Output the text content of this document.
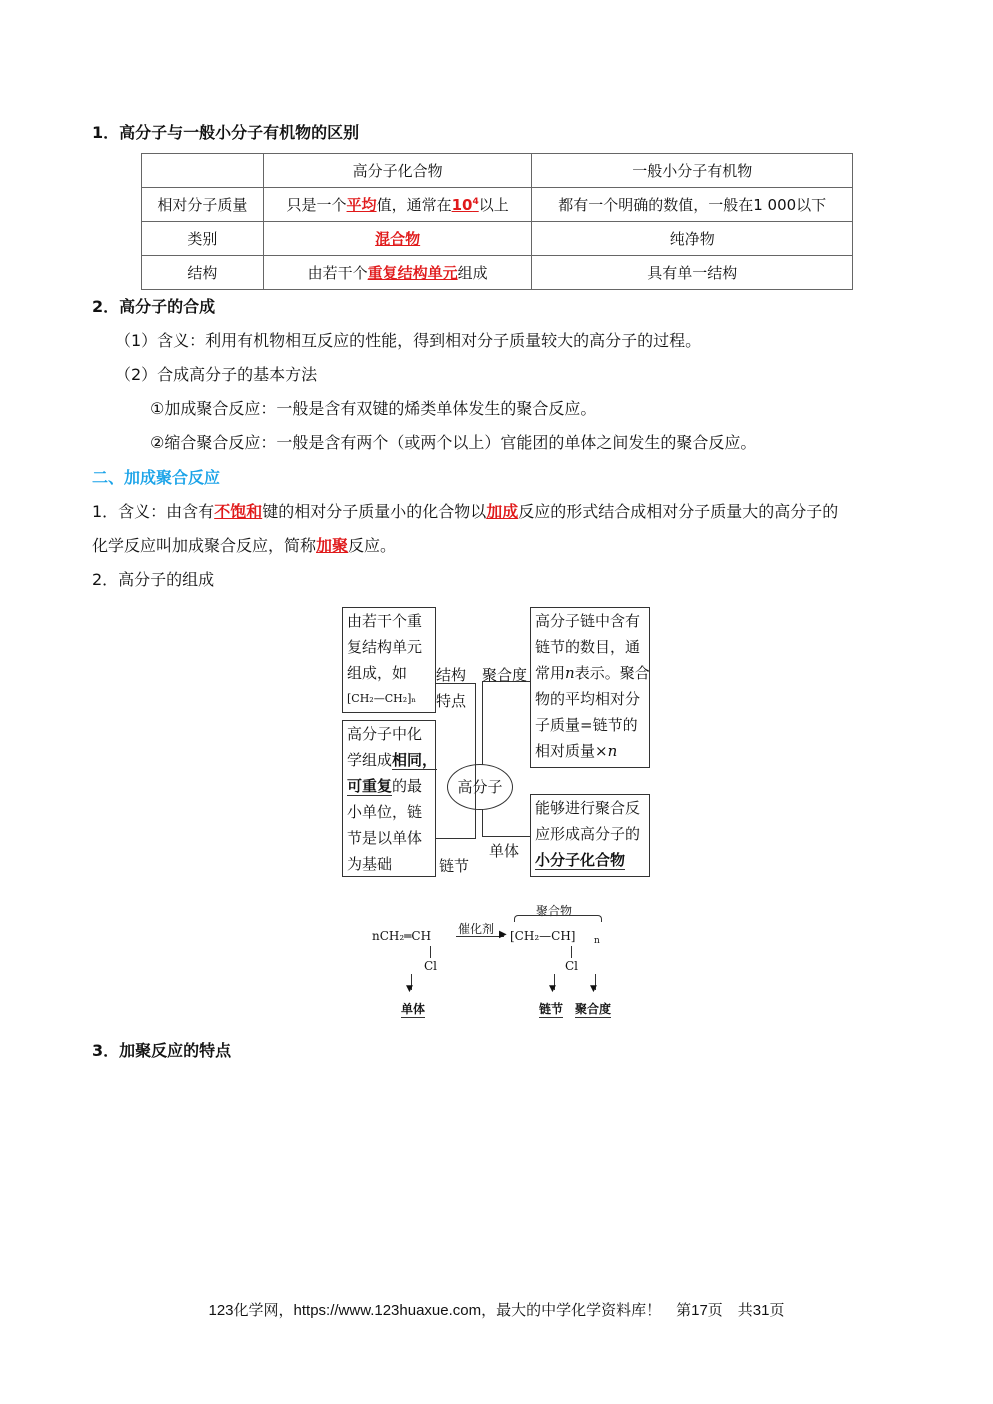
1．高分子与一般小分子有机物的区别
	高分子化合物	一般小分子有机物
相对分子质量	只是一个平均值，通常在$10^4$以上	都有一个明确的数值，一般在1 000以下
类别	混合物	纯净物
结构	由若干个重复结构单元组成	具有单一结构
2．高分子的合成
（1）含义：利用有机物相互反应的性能，得到相对分子质量较大的高分子的过程。
（2）合成高分子的基本方法
①加成聚合反应：一般是含有双键的烯类单体发生的聚合反应。
②缩合聚合反应：一般是含有两个（或两个以上）官能团的单体之间发生的聚合反应。
二、加成聚合反应
1．含义：由含有不饱和键的相对分子质量小的化合物以加成反应的形式结合成相对分子质量大的高分子的
化学反应叫加成聚合反应，简称加聚反应。
2．高分子的组成
由若干个重
复结构单元
组成，如
[CH₂—CH₂]ₙ
结构
特点
高分子中化
学组成相同，
可重复的最
小单位，链
节是以单体
为基础	链节
高分子
聚合度
高分子链中含有
链节的数目，通
常用n表示。聚合
物的平均相对分
子质量=链节的
相对质量×n
单体
能够进行聚合反
应形成高分子的
小分子化合物
nCH₂═CH
Cl
催化剂 ▶
聚合物
[CH₂—CH] n
Cl
▼	▼	▼
单体	链节 聚合度
3．加聚反应的特点
123化学网，https://www.123huaxue.com，最大的中学化学资料库！　第17页　共31页
